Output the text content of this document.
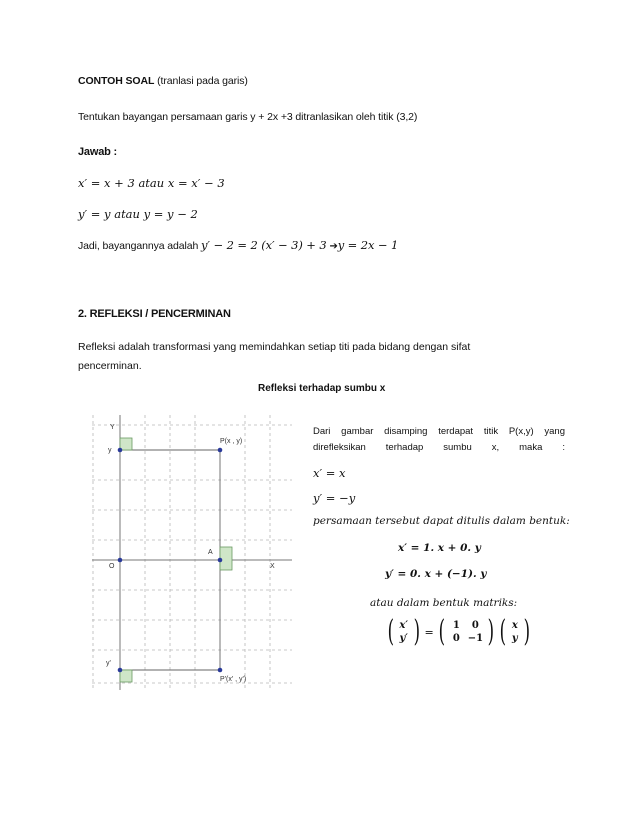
CONTOH SOAL (tranlasi pada garis)
Tentukan bayangan persamaan garis y + 2x +3 ditranlasikan oleh titik (3,2)
Jawab :
x′ = x + 3 atau x = x′ − 3
y′ = y atau y = y − 2
Jadi, bayangannya adalah y′ − 2 = 2 (x′ − 3) + 3 ➔y = 2x − 1
2. REFLEKSI / PENCERMINAN
Refleksi adalah transformasi yang memindahkan setiap titi pada bidang dengan sifat pencerminan.
Refleksi terhadap sumbu x
Y
y
O	X
A
P(x , y)
y'
P'(x' , y')
Dari gambar disamping terdapat titik P(x,y) yang direfleksikan terhadap sumbu x, maka :
x′ = x
y′ = −y
persamaan tersebut dapat ditulis dalam bentuk:
x′ = 1. x + 0. y
y′ = 0. x + (−1). y
atau dalam bentuk matriks:
( x′
y′ ) = ( 1	0
0 −1 ) ( x
y )
